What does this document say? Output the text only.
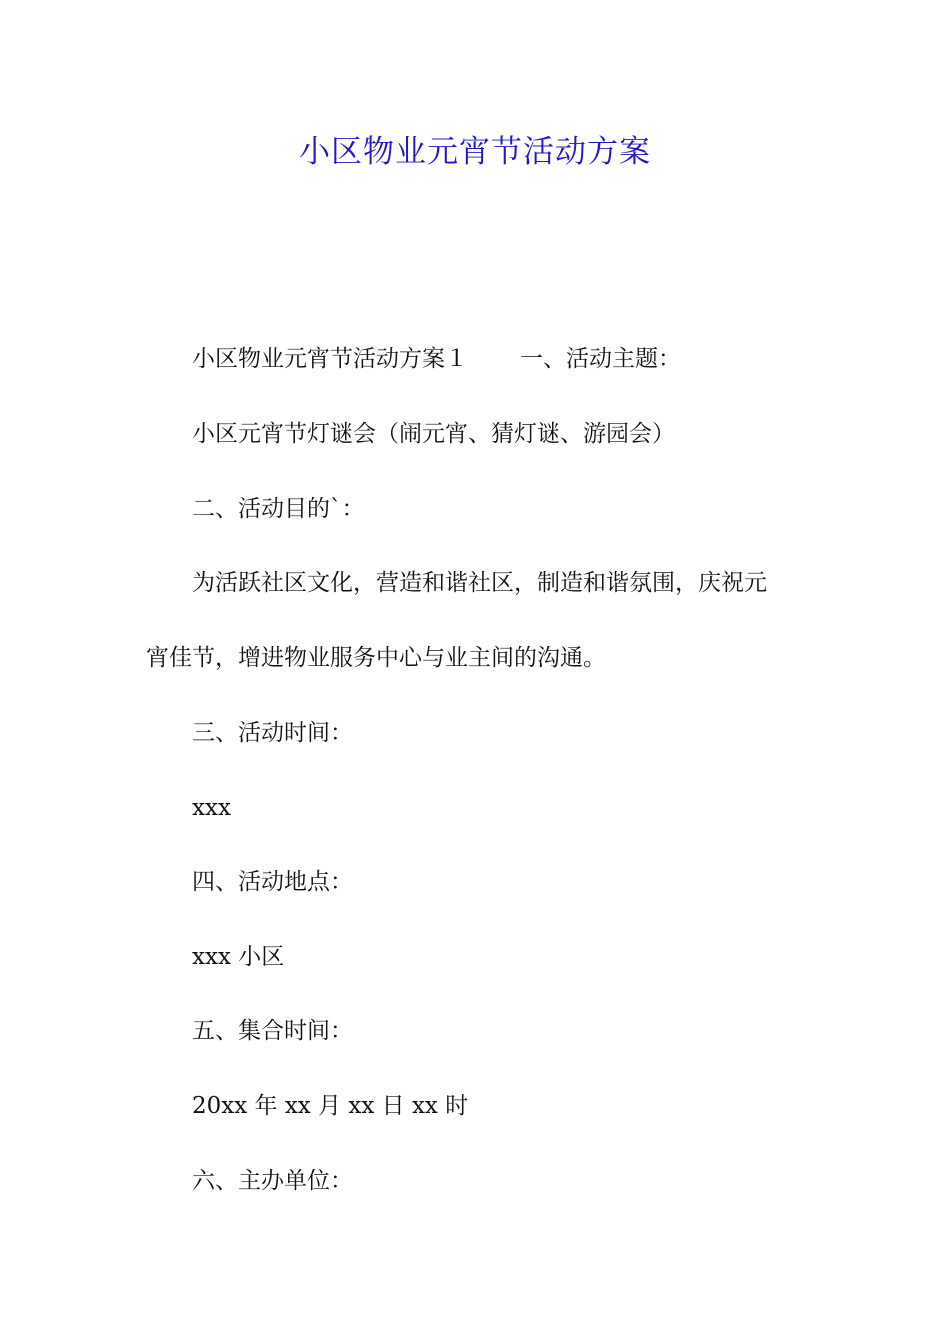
小区物业元宵节活动方案
小区物业元宵节活动方案１ 一、活动主题：
小区元宵节灯谜会（闹元宵、猜灯谜、游园会）
二、活动目的`：
为活跃社区文化，营造和谐社区，制造和谐氛围，庆祝元
宵佳节，增进物业服务中心与业主间的沟通。
三、活动时间：
xxx
四、活动地点：
xxx 小区
五、集合时间：
20xx 年 xx 月 xx 日 xx 时
六、主办单位：
